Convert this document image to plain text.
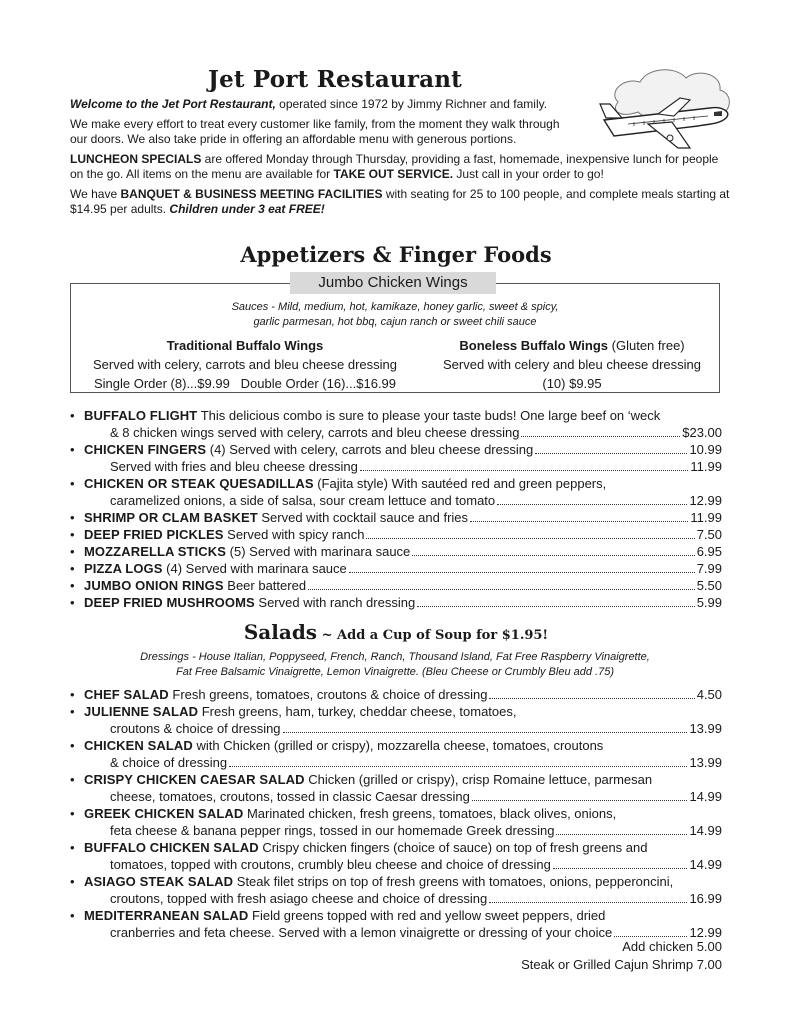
Jet Port Restaurant

Welcome to the Jet Port Restaurant, operated since 1972 by Jimmy Richner and family.

We make every effort to treat every customer like family, from the moment they walk through our doors. We also take pride in offering an affordable menu with generous portions.

LUNCHEON SPECIALS are offered Monday through Thursday, providing a fast, homemade, inexpensive lunch for people on the go. All items on the menu are available for TAKE OUT SERVICE. Just call in your order to go!

We have BANQUET & BUSINESS MEETING FACILITIES with seating for 25 to 100 people, and complete meals starting at $14.95 per adults. Children under 3 eat FREE!

Appetizers & Finger Foods
Jumbo Chicken Wings
Sauces - Mild, medium, hot, kamikaze, honey garlic, sweet & spicy,
garlic parmesan, hot bbq, cajun ranch or sweet chili sauce
Traditional Buffalo Wings
Served with celery, carrots and bleu cheese dressing
Single Order (8)...$9.99   Double Order (16)...$16.99
Boneless Buffalo Wings (Gluten free)
Served with celery and bleu cheese dressing
(10) $9.95
• BUFFALO FLIGHT This delicious combo is sure to please your taste buds! One large beef on ‘weck
& 8 chicken wings served with celery, carrots and bleu cheese dressing	$23.00
• CHICKEN FINGERS (4) Served with celery, carrots and bleu cheese dressing	10.99
Served with fries and bleu cheese dressing	11.99
• CHICKEN OR STEAK QUESADILLAS (Fajita style) With sautéed red and green peppers,
caramelized onions, a side of salsa, sour cream lettuce and tomato	12.99
• SHRIMP OR CLAM BASKET Served with cocktail sauce and fries	11.99
• DEEP FRIED PICKLES Served with spicy ranch	7.50
• MOZZARELLA STICKS (5) Served with marinara sauce	6.95
• PIZZA LOGS (4) Served with marinara sauce	7.99
• JUMBO ONION RINGS Beer battered	5.50
• DEEP FRIED MUSHROOMS Served with ranch dressing	5.99
Salads ~ Add a Cup of Soup for $1.95!
Dressings - House Italian, Poppyseed, French, Ranch, Thousand Island, Fat Free Raspberry Vinaigrette,
Fat Free Balsamic Vinaigrette, Lemon Vinaigrette. (Bleu Cheese or Crumbly Bleu add .75)
• CHEF SALAD Fresh greens, tomatoes, croutons & choice of dressing	4.50
• JULIENNE SALAD Fresh greens, ham, turkey, cheddar cheese, tomatoes,
croutons & choice of dressing	13.99
• CHICKEN SALAD with Chicken (grilled or crispy), mozzarella cheese, tomatoes, croutons
& choice of dressing	13.99
• CRISPY CHICKEN CAESAR SALAD Chicken (grilled or crispy), crisp Romaine lettuce, parmesan
cheese, tomatoes, croutons, tossed in classic Caesar dressing	14.99
• GREEK CHICKEN SALAD Marinated chicken, fresh greens, tomatoes, black olives, onions,
feta cheese & banana pepper rings, tossed in our homemade Greek dressing	14.99
• BUFFALO CHICKEN SALAD Crispy chicken fingers (choice of sauce) on top of fresh greens and
tomatoes, topped with croutons, crumbly bleu cheese and choice of dressing	14.99
• ASIAGO STEAK SALAD Steak filet strips on top of fresh greens with tomatoes, onions, pepperoncini,
croutons, topped with fresh asiago cheese and choice of dressing	16.99
• MEDITERRANEAN SALAD Field greens topped with red and yellow sweet peppers, dried
cranberries and feta cheese. Served with a lemon vinaigrette or dressing of your choice	12.99
Add chicken 5.00
Steak or Grilled Cajun Shrimp 7.00
